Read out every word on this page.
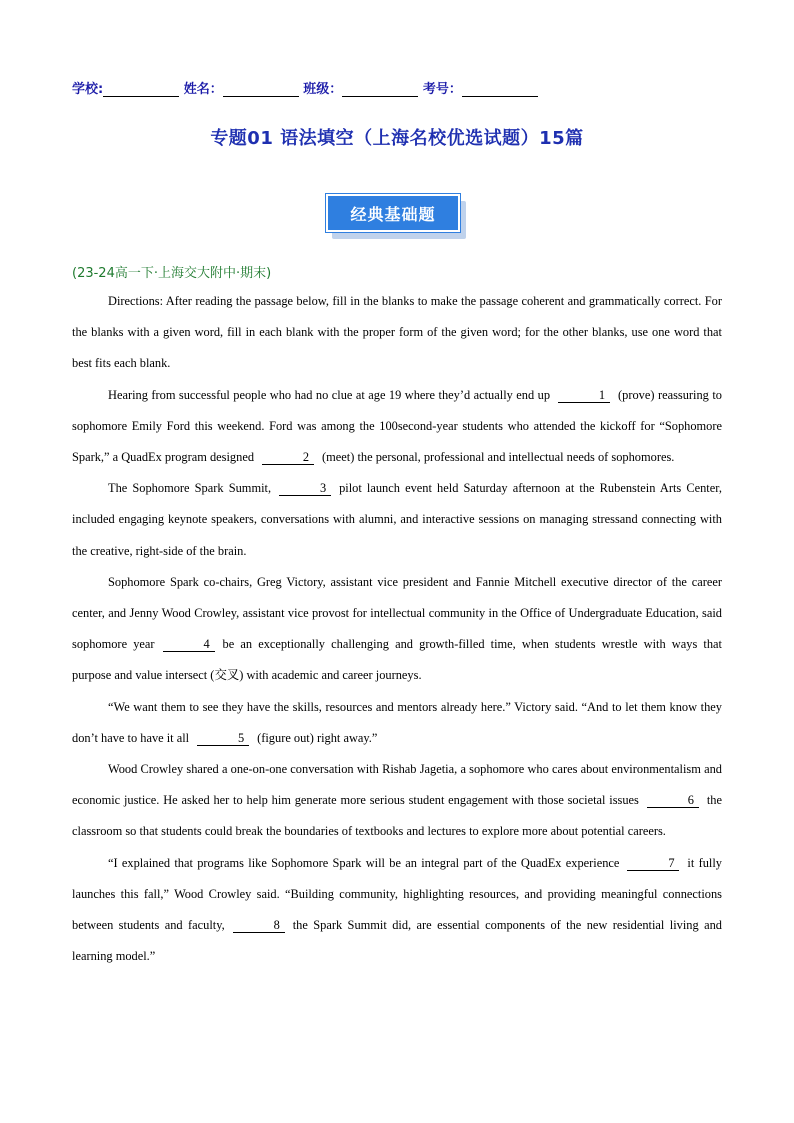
学校:	姓名：	班级：	考号：
专题01 语法填空（上海名校优选试题）15篇
经典基础题
(23-24高一下·上海交大附中·期末)

Directions: After reading the passage below, fill in the blanks to make the passage coherent and grammatically correct. For the blanks with a given word, fill in each blank with the proper form of the given word; for the other blanks, use one word that best fits each blank.

Hearing from successful people who had no clue at age 19 where they’d actually end up	1 (prove) reassuring to sophomore Emily Ford this weekend. Ford was among the 100second-year students who attended the kickoff for “Sophomore Spark,” a QuadEx program designed	2 (meet) the personal, professional and intellectual needs of sophomores.

The Sophomore Spark Summit,	3 pilot launch event held Saturday afternoon at the Rubenstein Arts Center, included engaging keynote speakers, conversations with alumni, and interactive sessions on managing stressand connecting with the creative, right-side of the brain.

Sophomore Spark co-chairs, Greg Victory, assistant vice president and Fannie Mitchell executive director of the career center, and Jenny Wood Crowley, assistant vice provost for intellectual community in the Office of Undergraduate Education, said sophomore year	4 be an exceptionally challenging and growth-filled time, when students wrestle with ways that purpose and value intersect (交叉) with academic and career journeys.

“We want them to see they have the skills, resources and mentors already here.” Victory said. “And to let them know they don’t have to have it all	5 (figure out) right away.”

Wood Crowley shared a one-on-one conversation with Rishab Jagetia, a sophomore who cares about environmentalism and economic justice. He asked her to help him generate more serious student engagement with those societal issues	6 the classroom so that students could break the boundaries of textbooks and lectures to explore more about potential careers.

“I explained that programs like Sophomore Spark will be an integral part of the QuadEx experience	7 it fully launches this fall,” Wood Crowley said. “Building community, highlighting resources, and providing meaningful connections between students and faculty,	8 the Spark Summit did, are essential components of the new residential living and learning model.”
